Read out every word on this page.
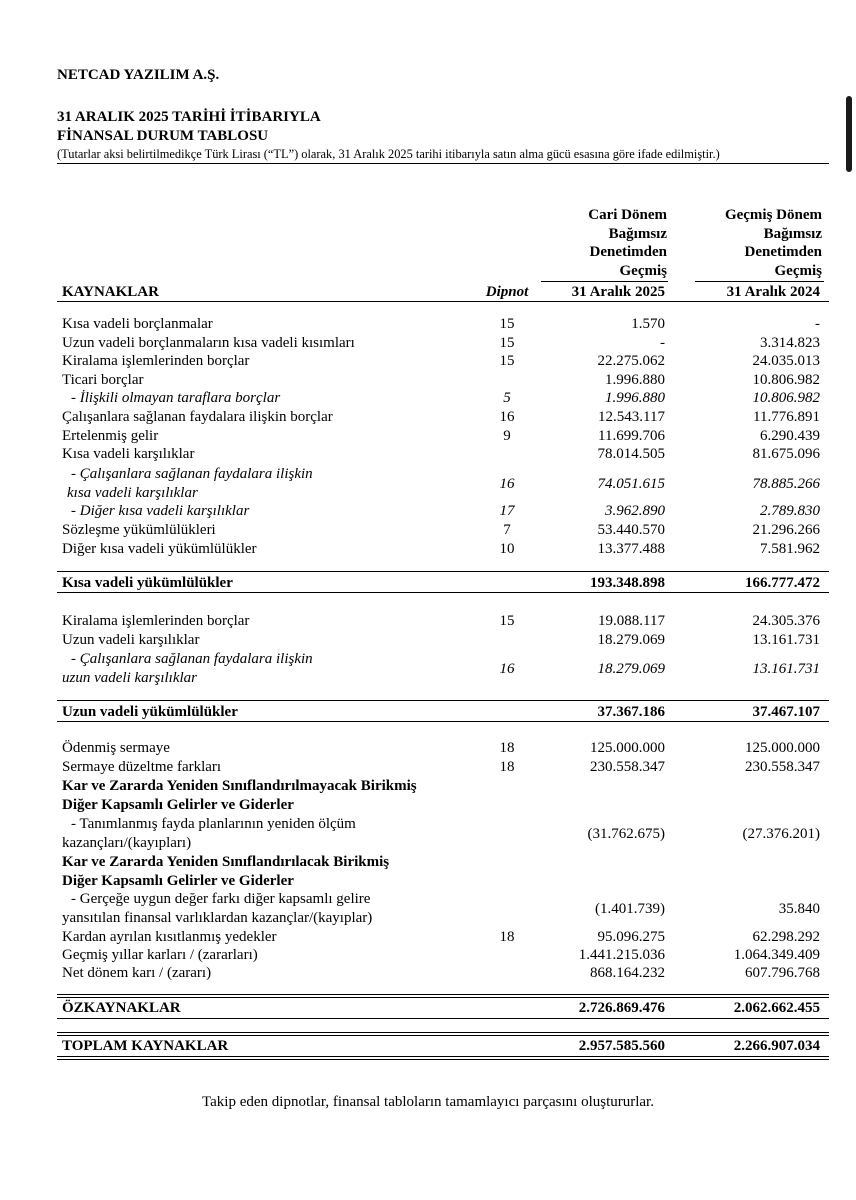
NETCAD YAZILIM A.Ş.
31 ARALIK 2025 TARİHİ İTİBARIYLA
FİNANSAL DURUM TABLOSU
(Tutarlar aksi belirtilmedikçe Türk Lirası (“TL”) olarak, 31 Aralık 2025 tarihi itibarıyla satın alma gücü esasına göre ifade edilmiştir.)
Cari Dönem
Bağımsız
Denetimden
Geçmiş
Geçmiş Dönem
Bağımsız
Denetimden
Geçmiş
KAYNAKLAR	Dipnot	31 Aralık 2025	31 Aralık 2024
Kısa vadeli borçlanmalar	15	1.570	-
Uzun vadeli borçlanmaların kısa vadeli kısımları	15	-	3.314.823
Kiralama işlemlerinden borçlar	15	22.275.062	24.035.013
Ticari borçlar	1.996.880	10.806.982
- İlişkili olmayan taraflara borçlar	5	1.996.880	10.806.982
Çalışanlara sağlanan faydalara ilişkin borçlar	16	12.543.117	11.776.891
Ertelenmiş gelir	9	11.699.706	6.290.439
Kısa vadeli karşılıklar	78.014.505	81.675.096
- Çalışanlara sağlanan faydalara ilişkin
kısa vadeli karşılıklar
16	74.051.615	78.885.266
- Diğer kısa vadeli karşılıklar	17	3.962.890	2.789.830
Sözleşme yükümlülükleri	7	53.440.570	21.296.266
Diğer kısa vadeli yükümlülükler	10	13.377.488	7.581.962
Kısa vadeli yükümlülükler	193.348.898	166.777.472
Kiralama işlemlerinden borçlar	15	19.088.117	24.305.376
Uzun vadeli karşılıklar	18.279.069	13.161.731
- Çalışanlara sağlanan faydalara ilişkin
uzun vadeli karşılıklar
16	18.279.069	13.161.731
Uzun vadeli yükümlülükler	37.367.186	37.467.107
Ödenmiş sermaye	18	125.000.000	125.000.000
Sermaye düzeltme farkları	18	230.558.347	230.558.347
Kar ve Zararda Yeniden Sınıflandırılmayacak Birikmiş
Diğer Kapsamlı Gelirler ve Giderler
- Tanımlanmış fayda planlarının yeniden ölçüm
kazançları/(kayıpları)
(31.762.675)	(27.376.201)
Kar ve Zararda Yeniden Sınıflandırılacak Birikmiş
Diğer Kapsamlı Gelirler ve Giderler
- Gerçeğe uygun değer farkı diğer kapsamlı gelire
yansıtılan finansal varlıklardan kazançlar/(kayıplar)
(1.401.739)	35.840
Kardan ayrılan kısıtlanmış yedekler	18	95.096.275	62.298.292
Geçmiş yıllar karları / (zararları)	1.441.215.036	1.064.349.409
Net dönem karı / (zararı)	868.164.232	607.796.768
ÖZKAYNAKLAR	2.726.869.476	2.062.662.455
TOPLAM KAYNAKLAR	2.957.585.560	2.266.907.034
Takip eden dipnotlar, finansal tabloların tamamlayıcı parçasını oluştururlar.
